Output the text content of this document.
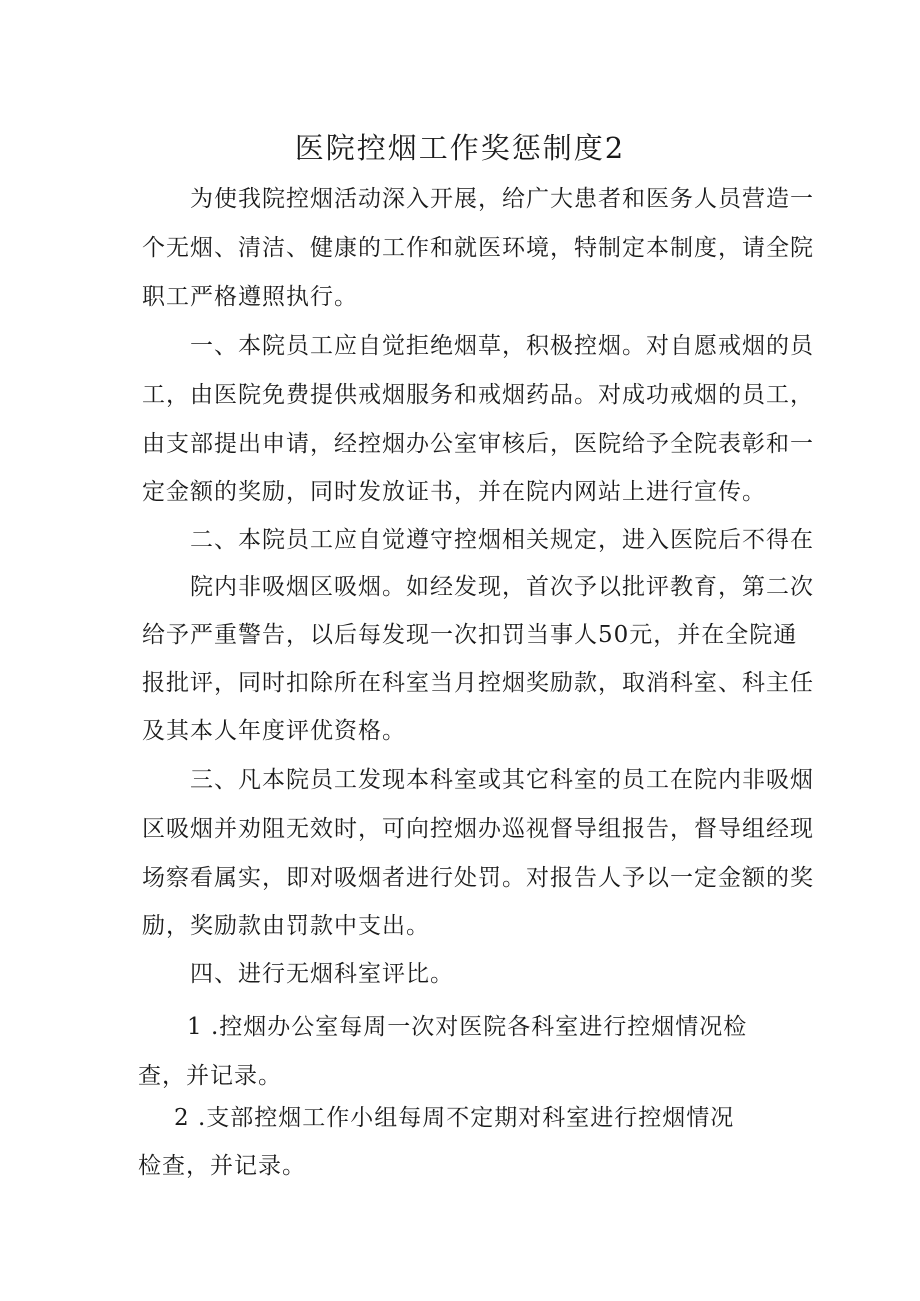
医院控烟工作奖惩制度2
为使我院控烟活动深入开展，给广大患者和医务人员营造一
个无烟、清洁、健康的工作和就医环境，特制定本制度，请全院
职工严格遵照执行。
一、本院员工应自觉拒绝烟草，积极控烟。对自愿戒烟的员
工，由医院免费提供戒烟服务和戒烟药品。对成功戒烟的员工，
由支部提出申请，经控烟办公室审核后，医院给予全院表彰和一
定金额的奖励，同时发放证书，并在院内网站上进行宣传。
二、本院员工应自觉遵守控烟相关规定，进入医院后不得在
院内非吸烟区吸烟。如经发现，首次予以批评教育，第二次
给予严重警告，以后每发现一次扣罚当事人50元，并在全院通
报批评，同时扣除所在科室当月控烟奖励款，取消科室、科主任
及其本人年度评优资格。
三、凡本院员工发现本科室或其它科室的员工在院内非吸烟
区吸烟并劝阻无效时，可向控烟办巡视督导组报告，督导组经现
场察看属实，即对吸烟者进行处罚。对报告人予以一定金额的奖
励，奖励款由罚款中支出。
四、进行无烟科室评比。
1 .控烟办公室每周一次对医院各科室进行控烟情况检
查，并记录。
2 .支部控烟工作小组每周不定期对科室进行控烟情况
检查，并记录。
